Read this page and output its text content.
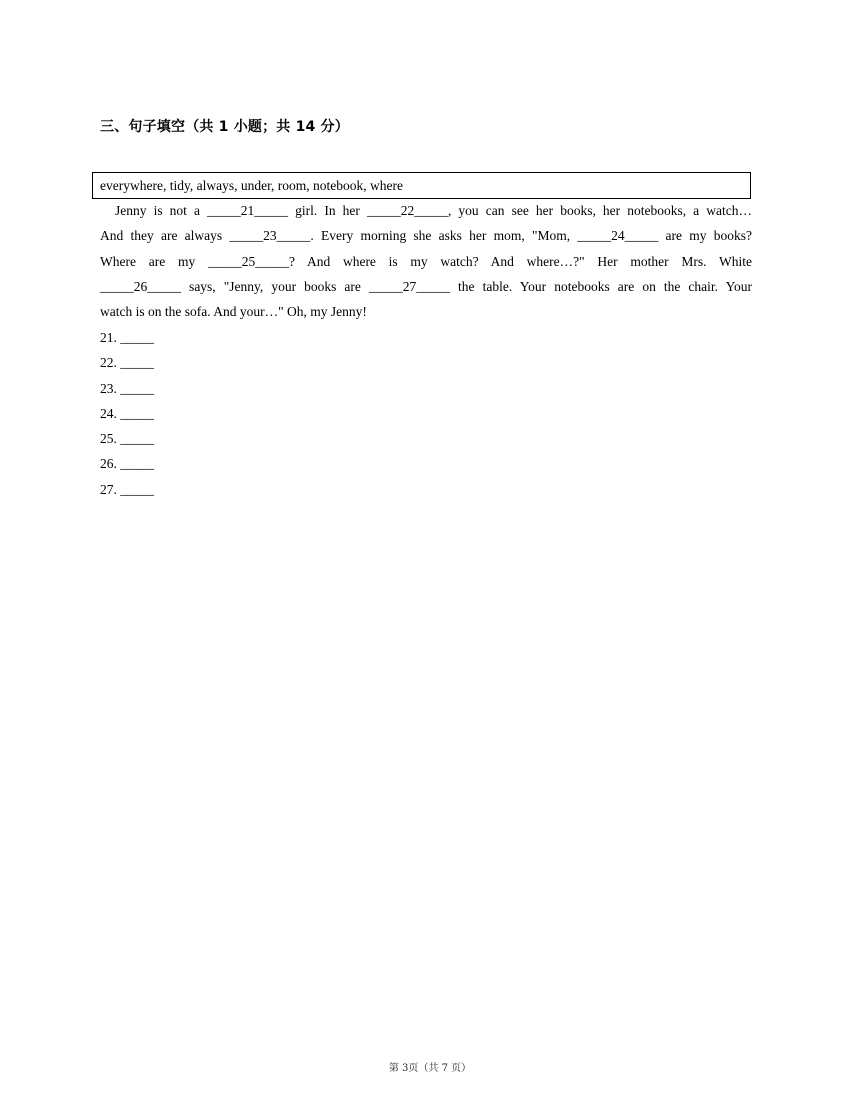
三、句子填空（共 1 小题；共 14 分）
everywhere, tidy, always, under, room, notebook, where
Jenny is not a _____21_____ girl. In her _____22_____, you can see her books, her notebooks, a watch…
And they are always _____23_____. Every morning she asks her mom, "Mom, _____24_____ are my books?
Where are my _____25_____? And where is my watch? And where…?" Her mother Mrs. White
_____26_____ says, "Jenny, your books are _____27_____ the table. Your notebooks are on the chair. Your
watch is on the sofa. And your…" Oh, my Jenny!
21. _____
22. _____
23. _____
24. _____
25. _____
26. _____
27. _____
第 3页（共 7 页）
